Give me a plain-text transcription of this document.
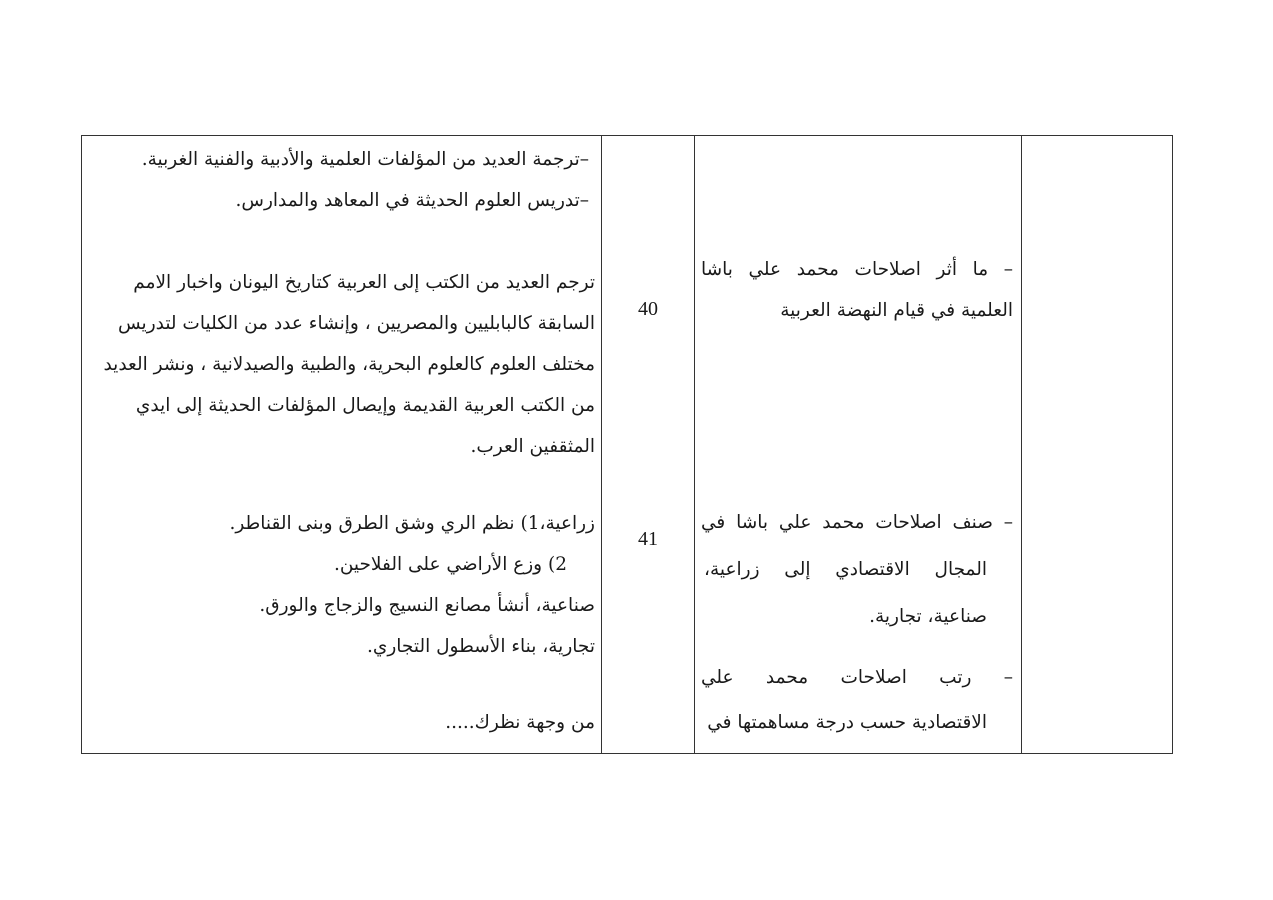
–ترجمة العديد من المؤلفات العلمية والأدبية والفنية الغربية.
–تدريس العلوم الحديثة في المعاهد والمدارس.
ترجم العديد من الكتب إلى العربية كتاريخ اليونان واخبار الامم
السابقة كالبابليين والمصريين ، وإنشاء عدد من الكليات لتدريس
مختلف العلوم كالعلوم البحرية، والطبية والصيدلانية ، ونشر العديد
من الكتب العربية القديمة وإيصال المؤلفات الحديثة إلى ايدي
المثقفين العرب.
زراعية،1) نظم الري وشق الطرق وبنى القناطر.
2) وزع الأراضي على الفلاحين.
صناعية، أنشأ مصانع النسيج والزجاج والورق.
تجارية، بناء الأسطول التجاري.
من وجهة نظرك.....
40
41
– ما أثر اصلاحات محمد علي باشا
العلمية في قيام النهضة العربية
– صنف اصلاحات محمد علي باشا في
المجال الاقتصادي إلى زراعية،
صناعية، تجارية.
– رتب اصلاحات محمد علي
الاقتصادية حسب درجة مساهمتها في
